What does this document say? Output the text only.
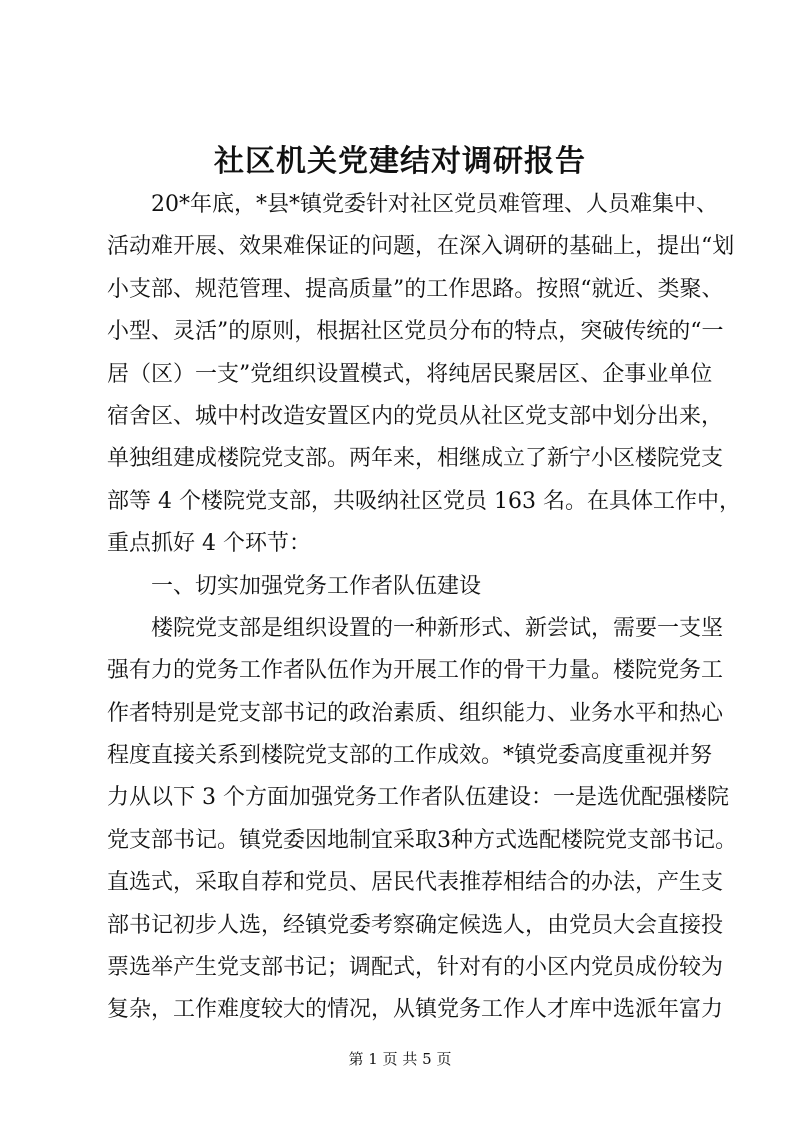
社区机关党建结对调研报告
20*年底，*县*镇党委针对社区党员难管理、人员难集中、
活动难开展、效果难保证的问题，在深入调研的基础上，提出“划
小支部、规范管理、提高质量”的工作思路。按照“就近、类聚、
小型、灵活”的原则，根据社区党员分布的特点，突破传统的“一
居（区）一支”党组织设置模式，将纯居民聚居区、企事业单位
宿舍区、城中村改造安置区内的党员从社区党支部中划分出来，
单独组建成楼院党支部。两年来，相继成立了新宁小区楼院党支
部等 4 个楼院党支部，共吸纳社区党员 163 名。在具体工作中，
重点抓好 4 个环节：
一、切实加强党务工作者队伍建设
楼院党支部是组织设置的一种新形式、新尝试，需要一支坚
强有力的党务工作者队伍作为开展工作的骨干力量。楼院党务工
作者特别是党支部书记的政治素质、组织能力、业务水平和热心
程度直接关系到楼院党支部的工作成效。*镇党委高度重视并努
力从以下 3 个方面加强党务工作者队伍建设：一是选优配强楼院
党支部书记。镇党委因地制宜采取3种方式选配楼院党支部书记。
直选式，采取自荐和党员、居民代表推荐相结合的办法，产生支
部书记初步人选，经镇党委考察确定候选人，由党员大会直接投
票选举产生党支部书记；调配式，针对有的小区内党员成份较为
复杂，工作难度较大的情况，从镇党务工作人才库中选派年富力
第 1 页 共 5 页
